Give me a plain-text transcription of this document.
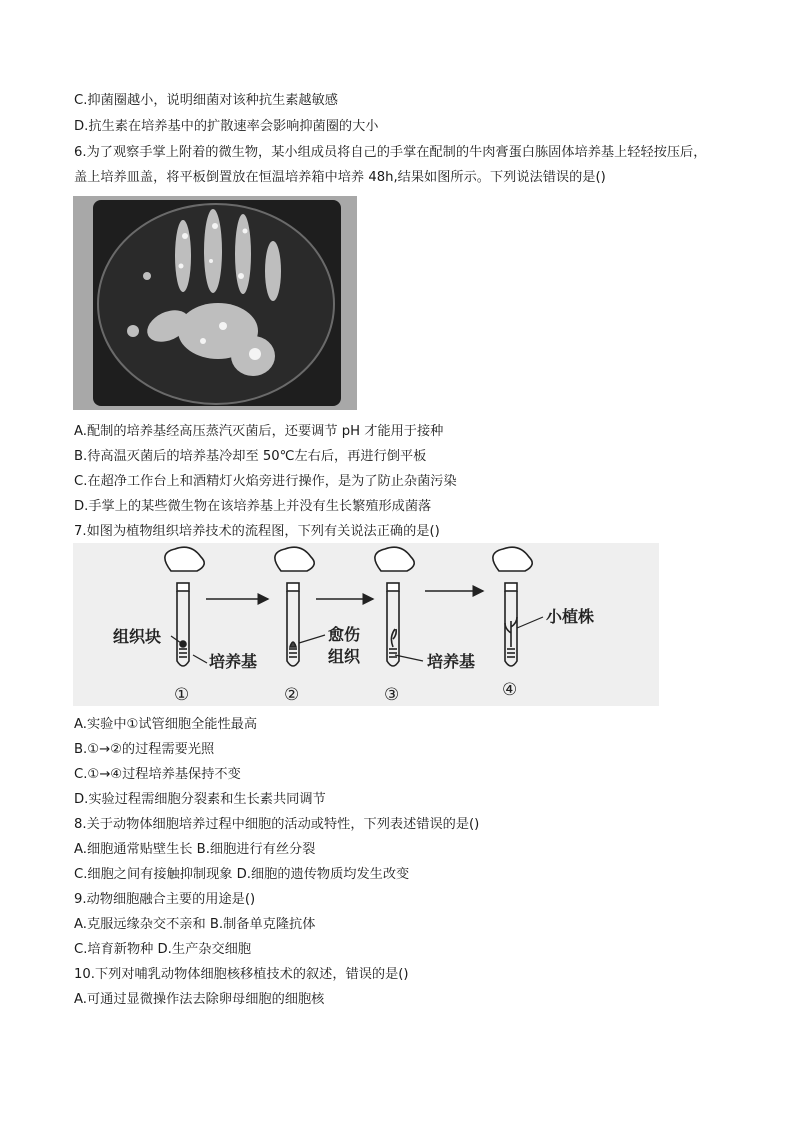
C.抑菌圈越小，说明细菌对该种抗生素越敏感
D.抗生素在培养基中的扩散速率会影响抑菌圈的大小
6.为了观察手掌上附着的微生物，某小组成员将自己的手掌在配制的牛肉膏蛋白胨固体培养基上轻轻按压后，
盖上培养皿盖，将平板倒置放在恒温培养箱中培养 48h,结果如图所示。下列说法错误的是()
A.配制的培养基经高压蒸汽灭菌后，还要调节 pH 才能用于接种
B.待高温灭菌后的培养基冷却至 50℃左右后，再进行倒平板
C.在超净工作台上和酒精灯火焰旁进行操作，是为了防止杂菌污染
D.手掌上的某些微生物在该培养基上并没有生长繁殖形成菌落
7.如图为植物组织培养技术的流程图，下列有关说法正确的是()
组织块
培养基
愈伤
组织	培养基
小植株
①	②	③	④
A.实验中①试管细胞全能性最高
B.①→②的过程需要光照
C.①→④过程培养基保持不变
D.实验过程需细胞分裂素和生长素共同调节
8.关于动物体细胞培养过程中细胞的活动或特性，下列表述错误的是()
A.细胞通常贴壁生长 B.细胞进行有丝分裂
C.细胞之间有接触抑制现象 D.细胞的遗传物质均发生改变
9.动物细胞融合主要的用途是()
A.克服远缘杂交不亲和 B.制备单克隆抗体
C.培育新物种 D.生产杂交细胞
10.下列对哺乳动物体细胞核移植技术的叙述，错误的是()
A.可通过显微操作法去除卵母细胞的细胞核
